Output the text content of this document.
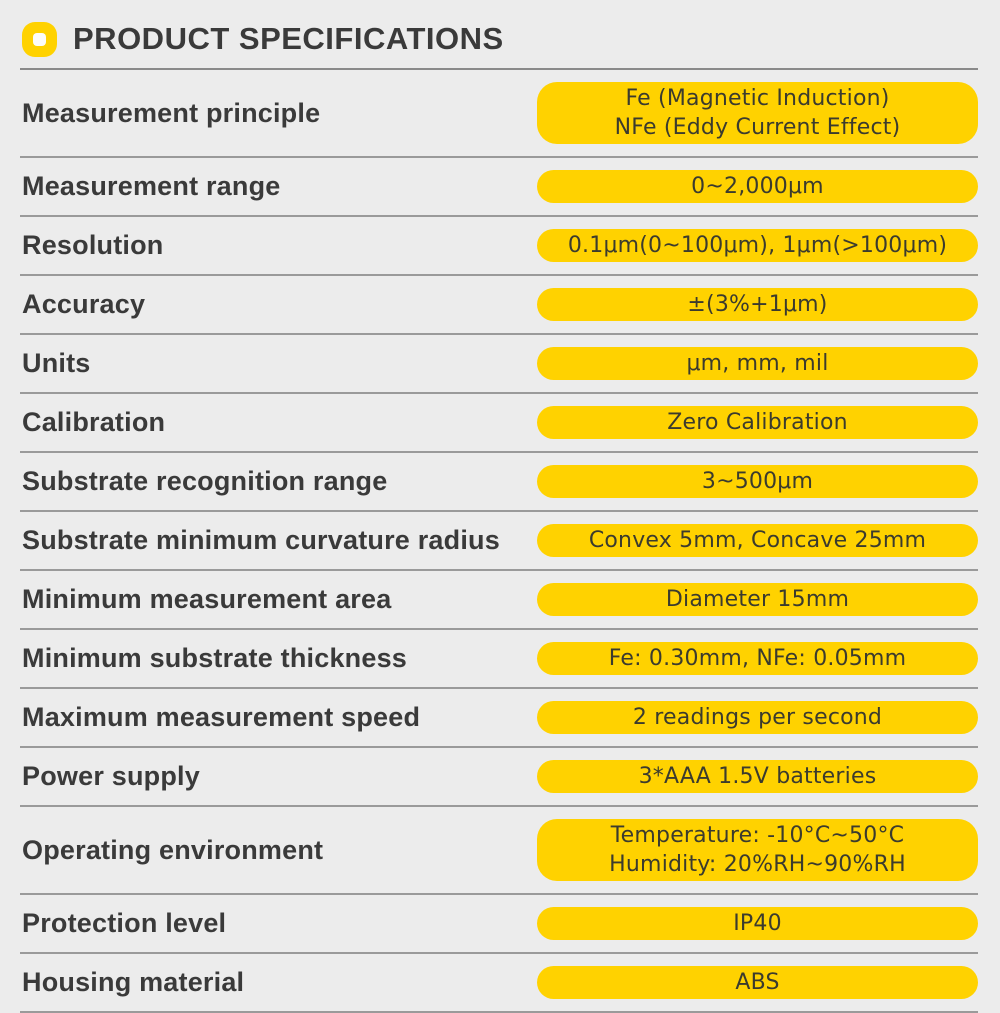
PRODUCT SPECIFICATIONS
Measurement principle	Fe (Magnetic Induction)
NFe (Eddy Current Effect)
Measurement range	0~2,000μm
Resolution	0.1μm(0~100μm), 1μm(>100μm)
Accuracy	±(3%+1μm)
Units	μm, mm, mil
Calibration	Zero Calibration
Substrate recognition range	3~500μm
Substrate minimum curvature radius	Convex 5mm, Concave 25mm
Minimum measurement area	Diameter 15mm
Minimum substrate thickness	Fe: 0.30mm, NFe: 0.05mm
Maximum measurement speed	2 readings per second
Power supply	3*AAA 1.5V batteries
Operating environment	Temperature: -10°C~50°C
Humidity: 20%RH~90%RH
Protection level	IP40
Housing material	ABS
